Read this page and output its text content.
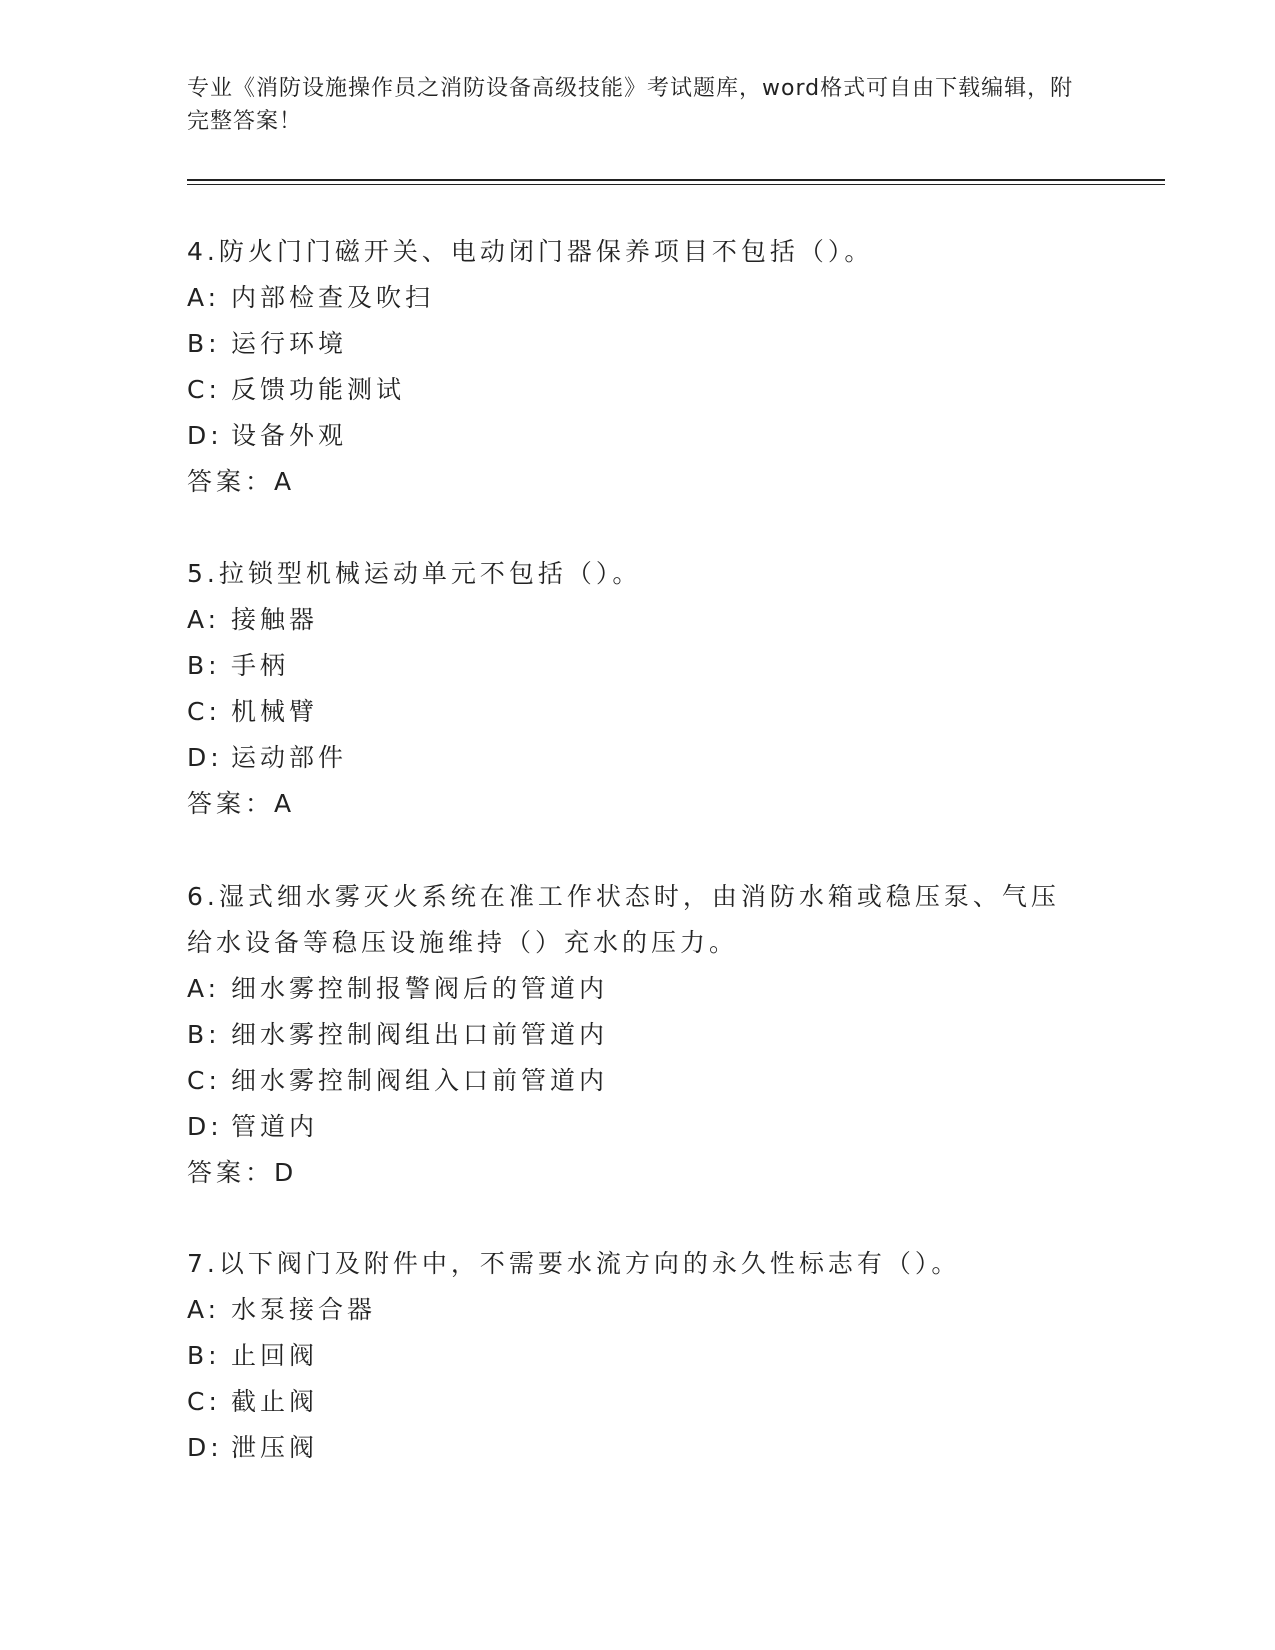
专业《消防设施操作员之消防设备高级技能》考试题库，word格式可自由下载编辑，附完整答案！

4.防火门门磁开关、电动闭门器保养项目不包括（）。

A: 内部检查及吹扫
B: 运行环境
C: 反馈功能测试
D: 设备外观

答案：A

5.拉锁型机械运动单元不包括（）。

A: 接触器
B: 手柄
C: 机械臂
D: 运动部件

答案：A

6.湿式细水雾灭火系统在准工作状态时，由消防水箱或稳压泵、气压给水设备等稳压设施维持（）充水的压力。

A: 细水雾控制报警阀后的管道内
B: 细水雾控制阀组出口前管道内
C: 细水雾控制阀组入口前管道内
D: 管道内

答案：D

7.以下阀门及附件中，不需要水流方向的永久性标志有（）。

A: 水泵接合器
B: 止回阀
C: 截止阀
D: 泄压阀
